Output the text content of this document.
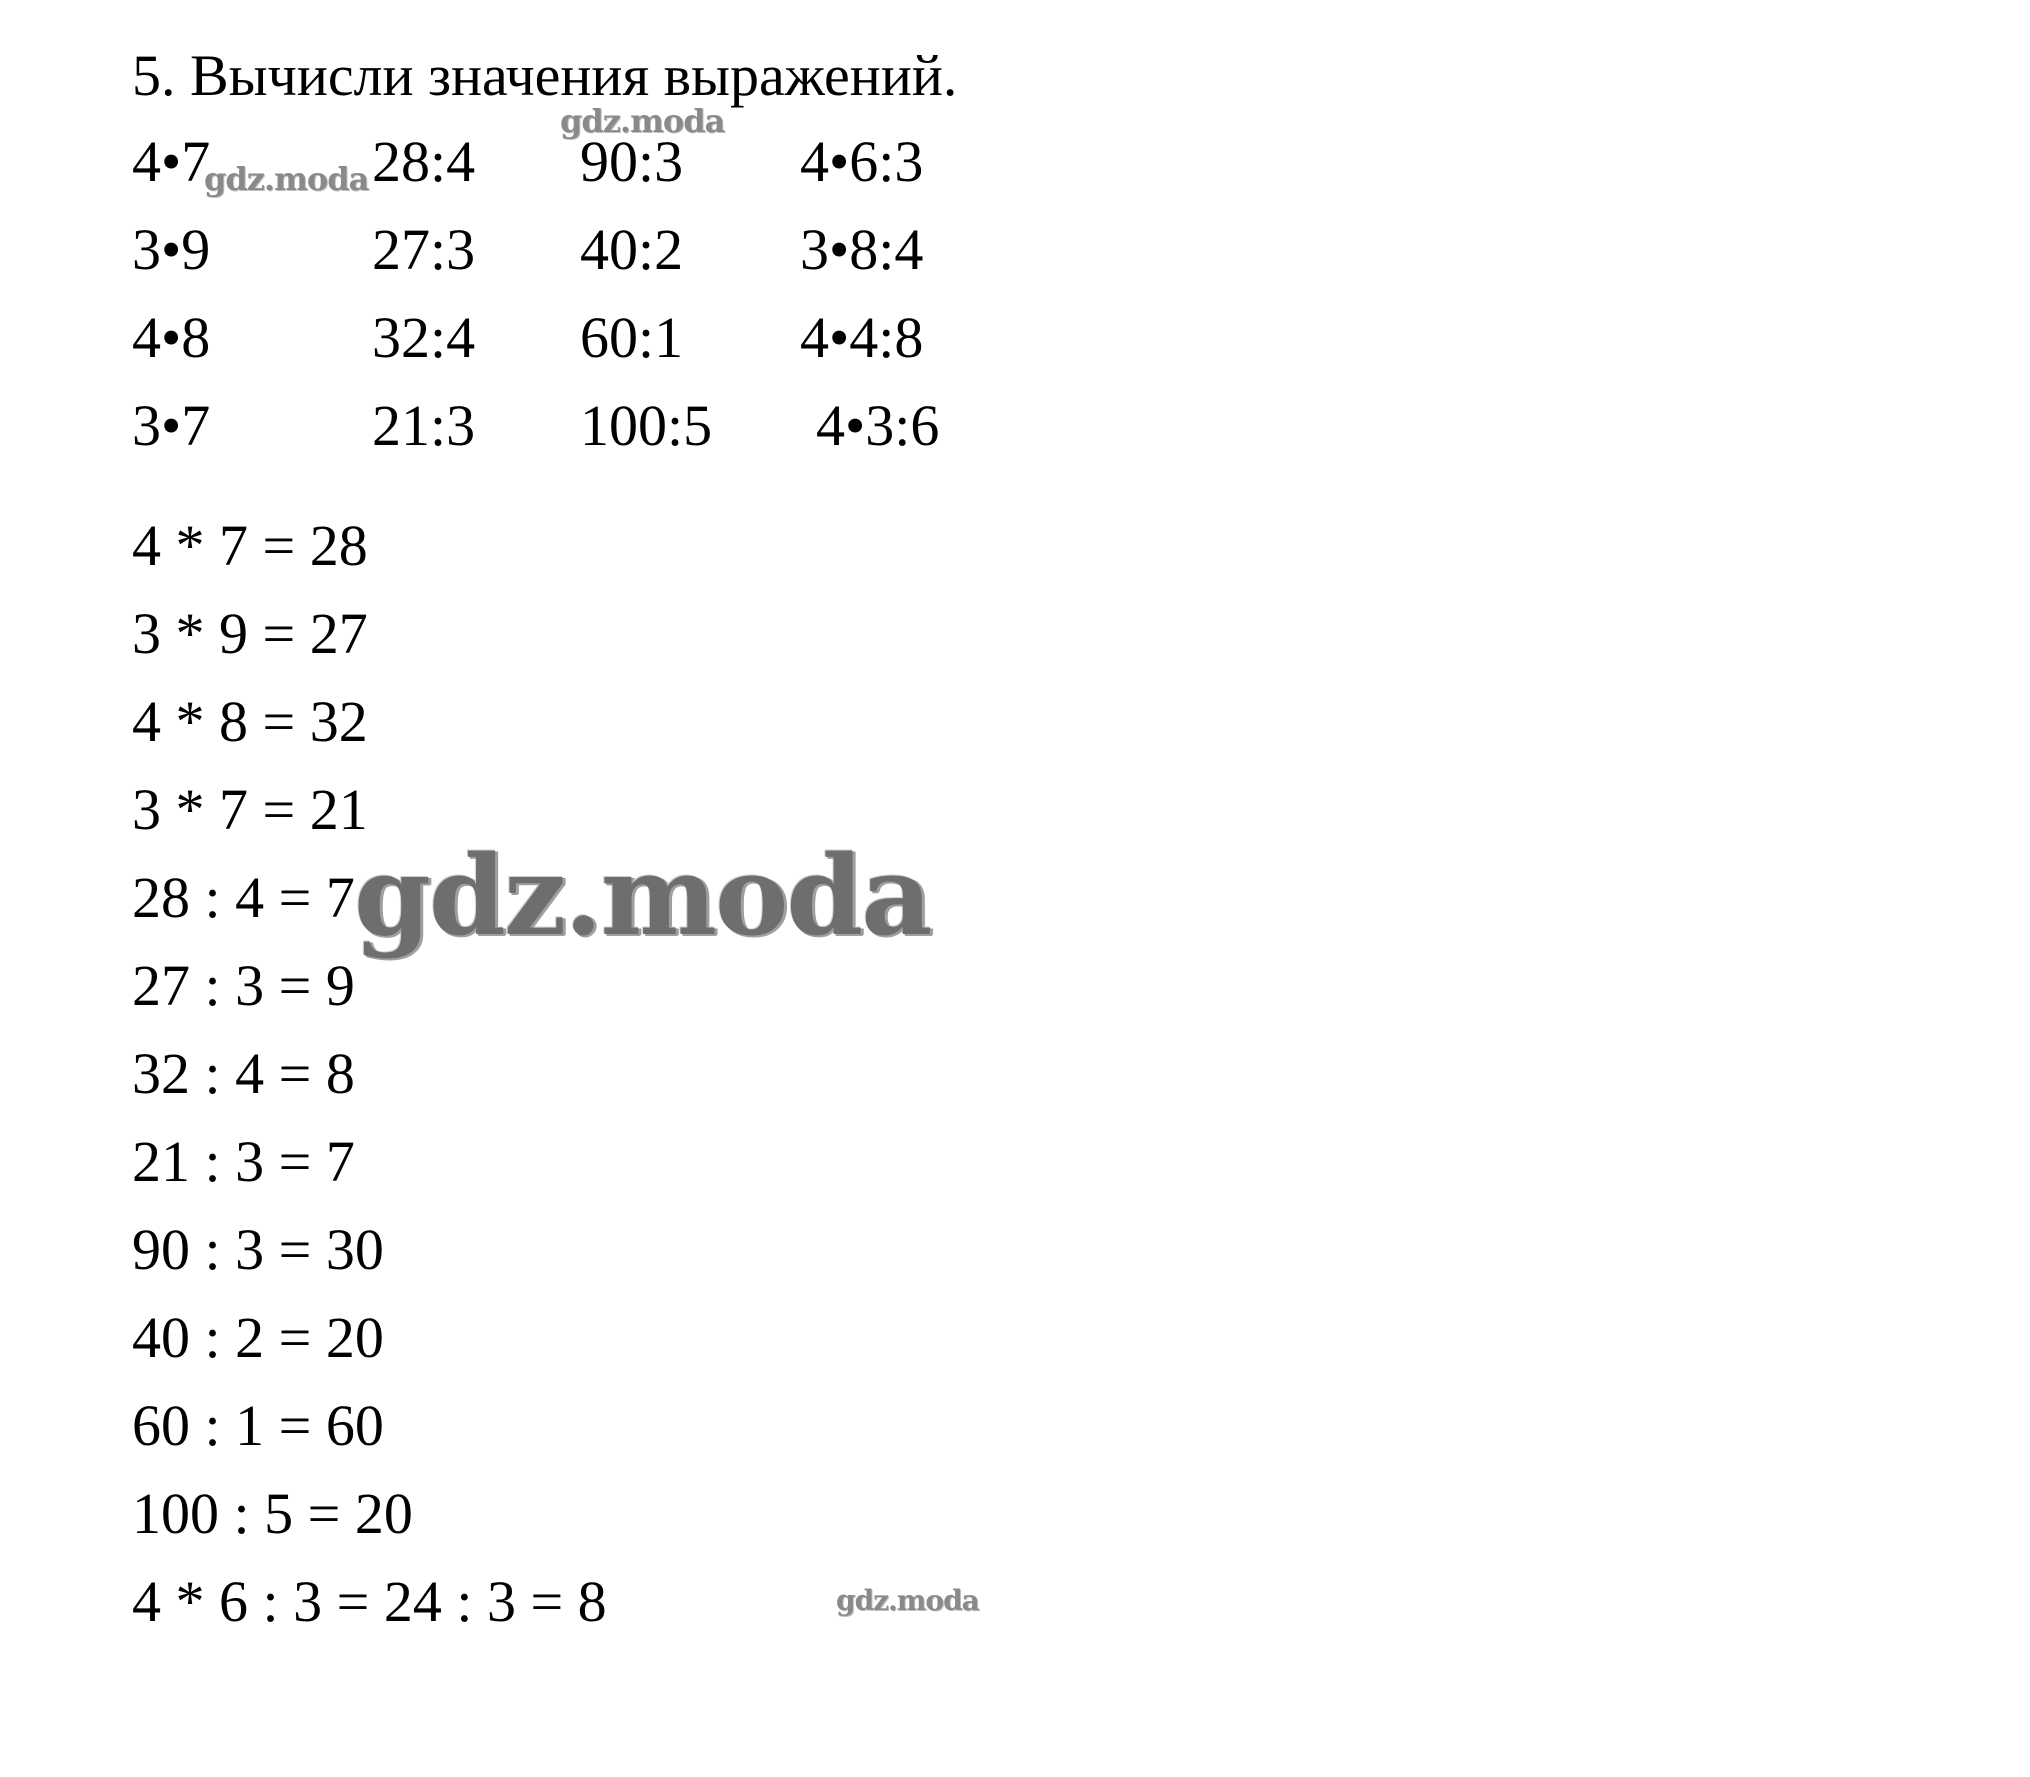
5. Вычисли значения выражений.
4•7	28:4 90:3 4•6:3
3•9	27:3 40:2 3•8:4
4•8	32:4 60:1 4•4:8
3•7	21:3 100:5 4•3:6
4 * 7 = 28
3 * 9 = 27
4 * 8 = 32
3 * 7 = 21
28 : 4 = 7
27 : 3 = 9
32 : 4 = 8
21 : 3 = 7
90 : 3 = 30
40 : 2 = 20
60 : 1 = 60
100 : 5 = 20
4 * 6 : 3 = 24 : 3 = 8
gdz.moda
gdz.moda
gdz.moda
gdz.moda
